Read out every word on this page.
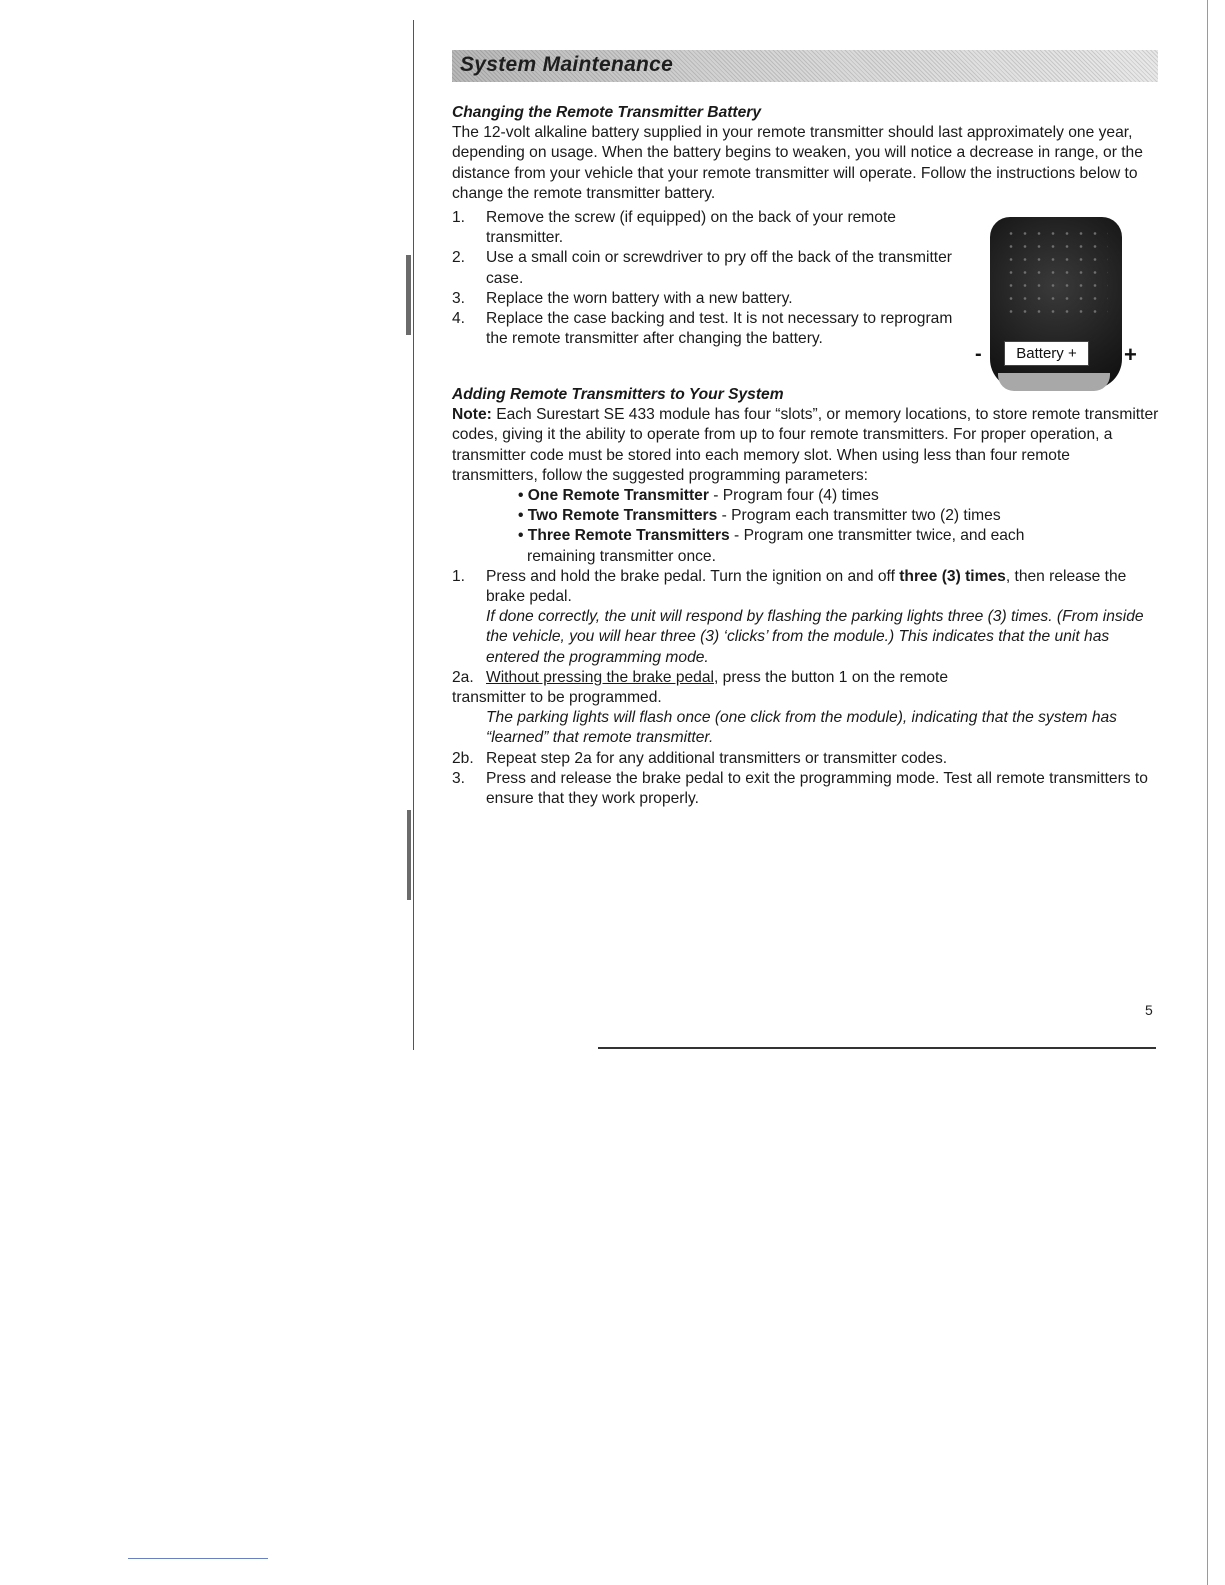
System Maintenance

Changing the Remote Transmitter Battery

The 12-volt alkaline battery supplied in your remote transmitter should last approximately one year, depending on usage. When the battery begins to weaken, you will notice a decrease in range, or the distance from your vehicle that your remote transmitter will operate. Follow the instructions below to change the remote transmitter battery.

1.	Remove the screw (if equipped) on the back of your remote transmitter.
2.	Use a small coin or screwdriver to pry off the back of the transmitter case.
3.	Replace the worn battery with a new battery.
4.	Replace the case backing and test. It is not necessary to reprogram the remote transmitter after changing the battery.

Adding Remote Transmitters to Your System

Note: Each Surestart SE 433 module has four “slots”, or memory locations, to store remote transmitter codes, giving it the ability to operate from up to four remote transmitters. For proper operation, a transmitter code must be stored into each memory slot. When using less than four remote transmitters, follow the suggested programming parameters:

• One Remote Transmitter - Program four (4) times

• Two Remote Transmitters - Program each transmitter two (2) times

• Three Remote Transmitters - Program one transmitter twice, and each

remaining transmitter once.

1.	Press and hold the brake pedal. Turn the ignition on and off three (3) times, then release the brake pedal.

If done correctly, the unit will respond by flashing the parking lights three (3) times. (From inside the vehicle, you will hear three (3) ‘clicks’ from the module.) This indicates that the unit has entered the programming mode.

2a. Without pressing the brake pedal, press the button 1 on the remote

transmitter to be programmed.

The parking lights will flash once (one click from the module), indicating that the system has “learned” that remote transmitter.

2b. Repeat step 2a for any additional transmitters or transmitter codes.
3.	Press and release the brake pedal to exit the programming mode. Test all remote transmitters to ensure that they work properly.
Battery +
-	+
5
